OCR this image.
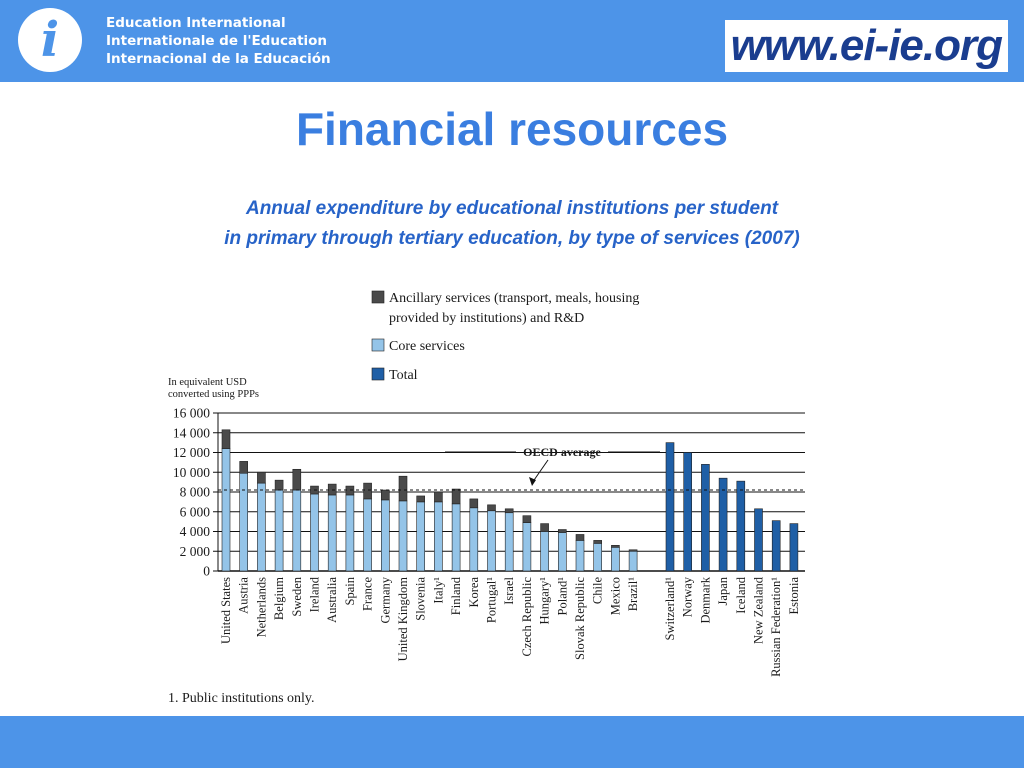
i	Education International
Internationale de l'Education
Internacional de la Educación	www.ei-ie.org
Financial resources
Annual expenditure by educational institutions per student
in primary through tertiary education, by type of services (2007)
0
2 000
4 000
6 000
8 000
10 000
12 000
14 000
16 000
In equivalent USD
converted using PPPs
Ancillary services (transport, meals, housing
provided by institutions) and R&D
Core services
Total
United States Austria Netherlands Belgium Sweden Ireland Australia Spain France Germany United Kingdom Slovenia Italy¹ Finland Korea Portugal¹ Israel Czech Republic Hungary¹ Poland¹ Slovak Republic Chile Mexico Brazil¹ Switzerland¹ Norway Denmark Japan Iceland New Zealand Russian Federation¹ Estonia
OECD average
1. Public institutions only.
